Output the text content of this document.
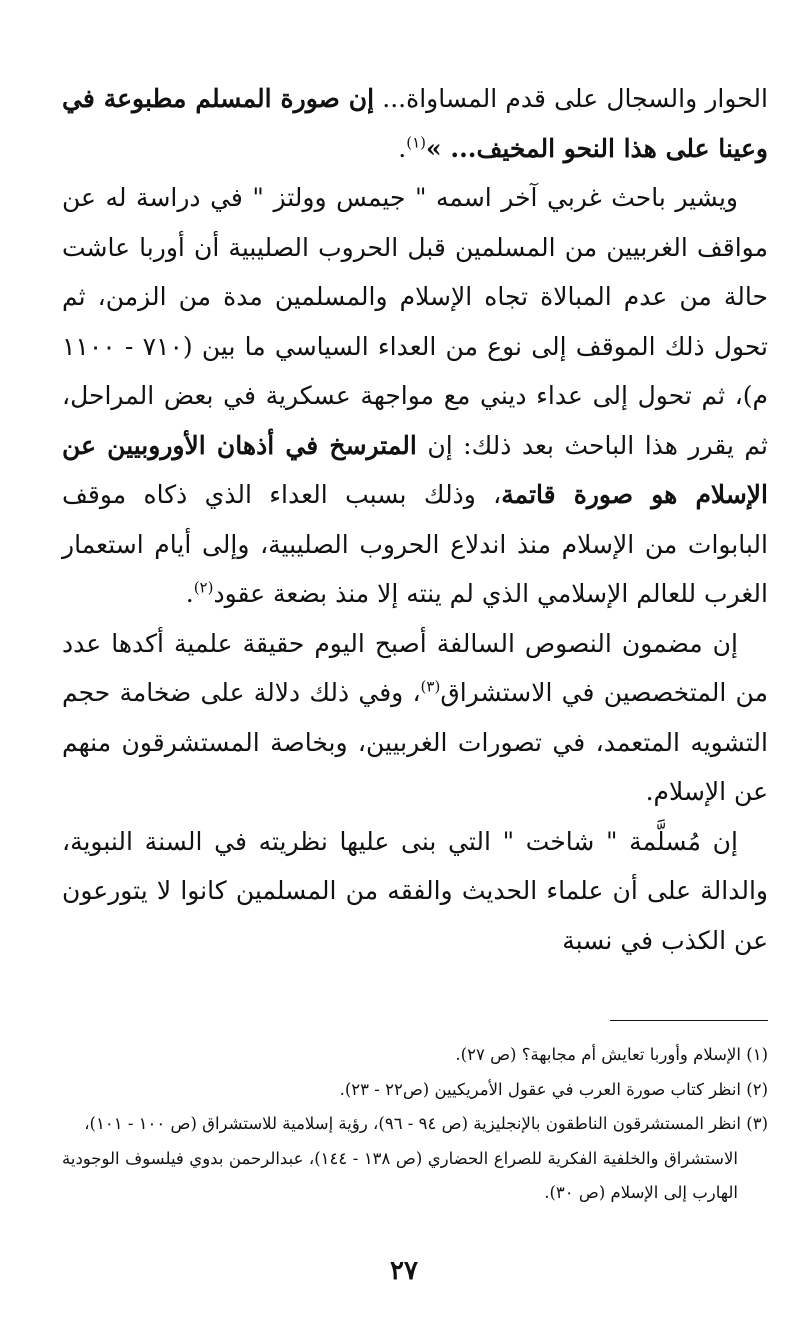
الحوار والسجال على قدم المساواة... إن صورة المسلم مطبوعة في وعينا على هذا النحو المخيف... »$^{(١)}$.

ويشير باحث غربي آخر اسمه " جيمس وولتز " في دراسة له عن مواقف الغربيين من المسلمين قبل الحروب الصليبية أن أوربا عاشت حالة من عدم المبالاة تجاه الإسلام والمسلمين مدة من الزمن، ثم تحول ذلك الموقف إلى نوع من العداء السياسي ما بين (٧١٠ - ١١٠٠ م)، ثم تحول إلى عداء ديني مع مواجهة عسكرية في بعض المراحل، ثم يقرر هذا الباحث بعد ذلك: إن المترسخ في أذهان الأوروبيين عن الإسلام هو صورة قاتمة، وذلك بسبب العداء الذي ذكاه موقف البابوات من الإسلام منذ اندلاع الحروب الصليبية، وإلى أيام استعمار الغرب للعالم الإسلامي الذي لم ينته إلا منذ بضعة عقود$^{(٢)}$.

إن مضمون النصوص السالفة أصبح اليوم حقيقة علمية أكدها عدد من المتخصصين في الاستشراق$^{(٣)}$، وفي ذلك دلالة على ضخامة حجم التشويه المتعمد، في تصورات الغربيين، وبخاصة المستشرقون منهم عن الإسلام.

إن مُسلَّمة " شاخت " التي بنى عليها نظريته في السنة النبوية، والدالة على أن علماء الحديث والفقه من المسلمين كانوا لا يتورعون عن الكذب في نسبة

(١) الإسلام وأوربا تعايش أم مجابهة؟ (ص ٢٧).

(٢) انظر كتاب صورة العرب في عقول الأمريكيين (ص٢٢ - ٢٣).

(٣) انظر المستشرقون الناطقون بالإنجليزية (ص ٩٤ - ٩٦)، رؤية إسلامية للاستشراق (ص ١٠٠ - ١٠١)،
الاستشراق والخلفية الفكرية للصراع الحضاري (ص ١٣٨ - ١٤٤)، عبدالرحمن بدوي فيلسوف الوجودية الهارب إلى الإسلام (ص ٣٠).

٢٧
